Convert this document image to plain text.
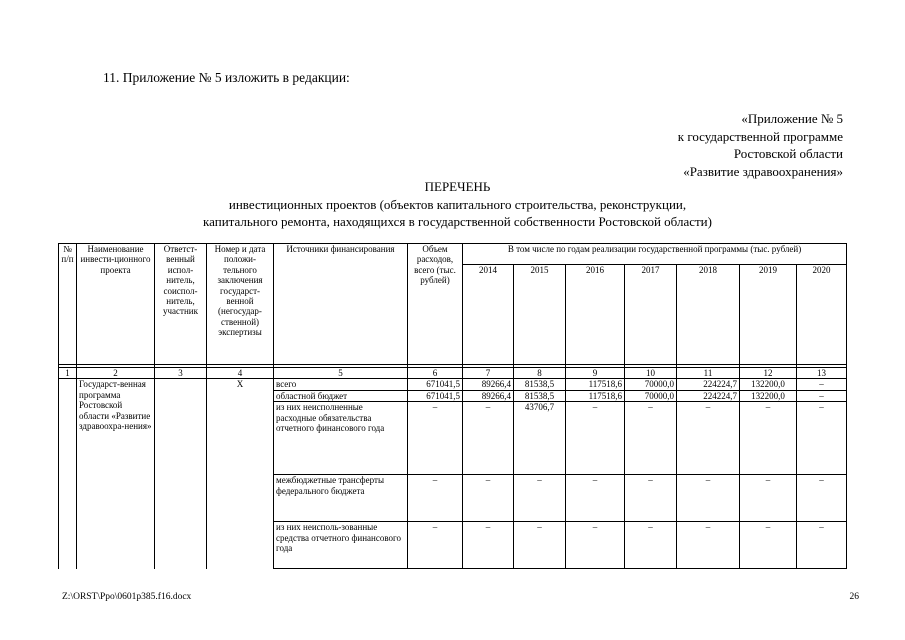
11. Приложение № 5 изложить в редакции:
«Приложение № 5
к государственной программе
Ростовской области
«Развитие здравоохранения»
ПЕРЕЧЕНЬ
инвестиционных проектов (объектов капитального строительства, реконструкции,
капитального ремонта, находящихся в государственной собственности Ростовской области)
№ п/п	Наименование инвести-ционного проекта	Ответст-венный испол-нитель, соиспол-нитель, участник	Номер и дата положи-тельного заключения государст-венной (негосудар-ственной) экспертизы	Источники финансирования	Объем расходов, всего (тыс. рублей)	В том числе по годам реализации государственной программы (тыс. рублей)						
						2014	2015	2016	2017	2018	2019	2020

1	2	3	4	5	6	7	8	9	10	11	12	13
	Государст-венная программа Ростовской области «Развитие здравоохра-нения»		X	всего	671041,5	89266,4	81538,5	117518,6	70000,0	224224,7	132200,0	–
				областной бюджет	671041,5	89266,4	81538,5	117518,6	70000,0	224224,7	132200,0	–
				из них неисполненные расходные обязательства отчетного финансового года	–	–	43706,7	–	–	–	–	–
				межбюджетные трансферты федерального бюджета	–	–	–	–	–	–	–	–
				из них неисполь-зованные средства отчетного финансового года	–	–	–	–	–	–	–	–
Z:\ORST\Ppo\0601p385.f16.docx	26
